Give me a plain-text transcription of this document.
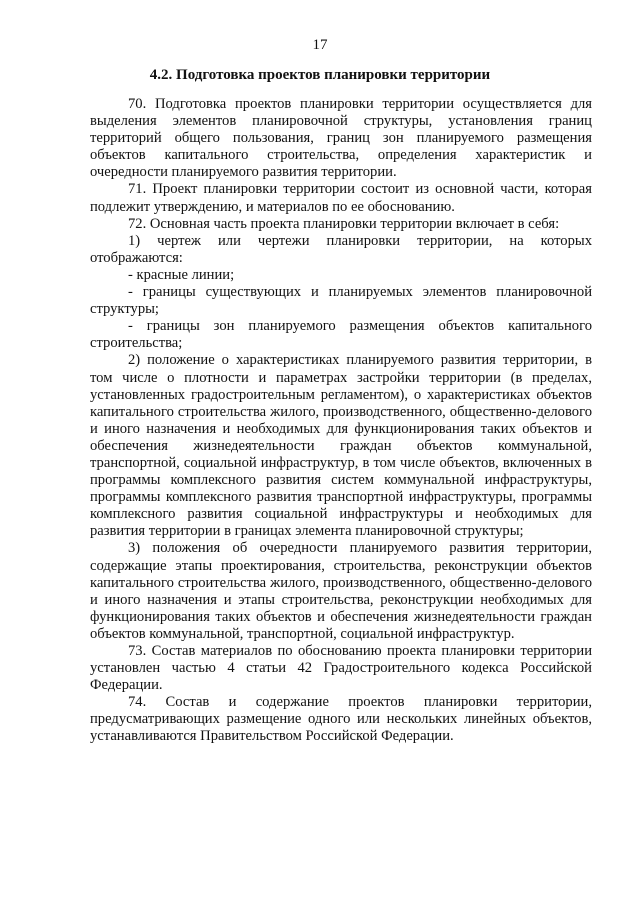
17
4.2. Подготовка проектов планировки территории

70. Подготовка проектов планировки территории осуществляется для выделения элементов планировочной структуры, установления границ территорий общего пользования, границ зон планируемого размещения объектов капитального строительства, определения характеристик и очередности планируемого развития территории.

71. Проект планировки территории состоит из основной части, которая подлежит утверждению, и материалов по ее обоснованию.

72. Основная часть проекта планировки территории включает в себя:

1) чертеж или чертежи планировки территории, на которых отображаются:

- красные линии;

- границы существующих и планируемых элементов планировочной структуры;

- границы зон планируемого размещения объектов капитального строительства;

2) положение о характеристиках планируемого развития территории, в том числе о плотности и параметрах застройки территории (в пределах, установленных градостроительным регламентом), о характеристиках объектов капитального строительства жилого, производственного, общественно-делового и иного назначения и необходимых для функционирования таких объектов и обеспечения жизнедеятельности граждан объектов коммунальной, транспортной, социальной инфраструктур, в том числе объектов, включенных в программы комплексного развития систем коммунальной инфраструктуры, программы комплексного развития транспортной инфраструктуры, программы комплексного развития социальной инфраструктуры и необходимых для развития территории в границах элемента планировочной структуры;

3) положения об очередности планируемого развития территории, содержащие этапы проектирования, строительства, реконструкции объектов капитального строительства жилого, производственного, общественно-делового и иного назначения и этапы строительства, реконструкции необходимых для функционирования таких объектов и обеспечения жизнедеятельности граждан объектов коммунальной, транспортной, социальной инфраструктур.

73. Состав материалов по обоснованию проекта планировки территории установлен частью 4 статьи 42 Градостроительного кодекса Российской Федерации.

74. Состав и содержание проектов планировки территории, предусматривающих размещение одного или нескольких линейных объектов, устанавливаются Правительством Российской Федерации.
